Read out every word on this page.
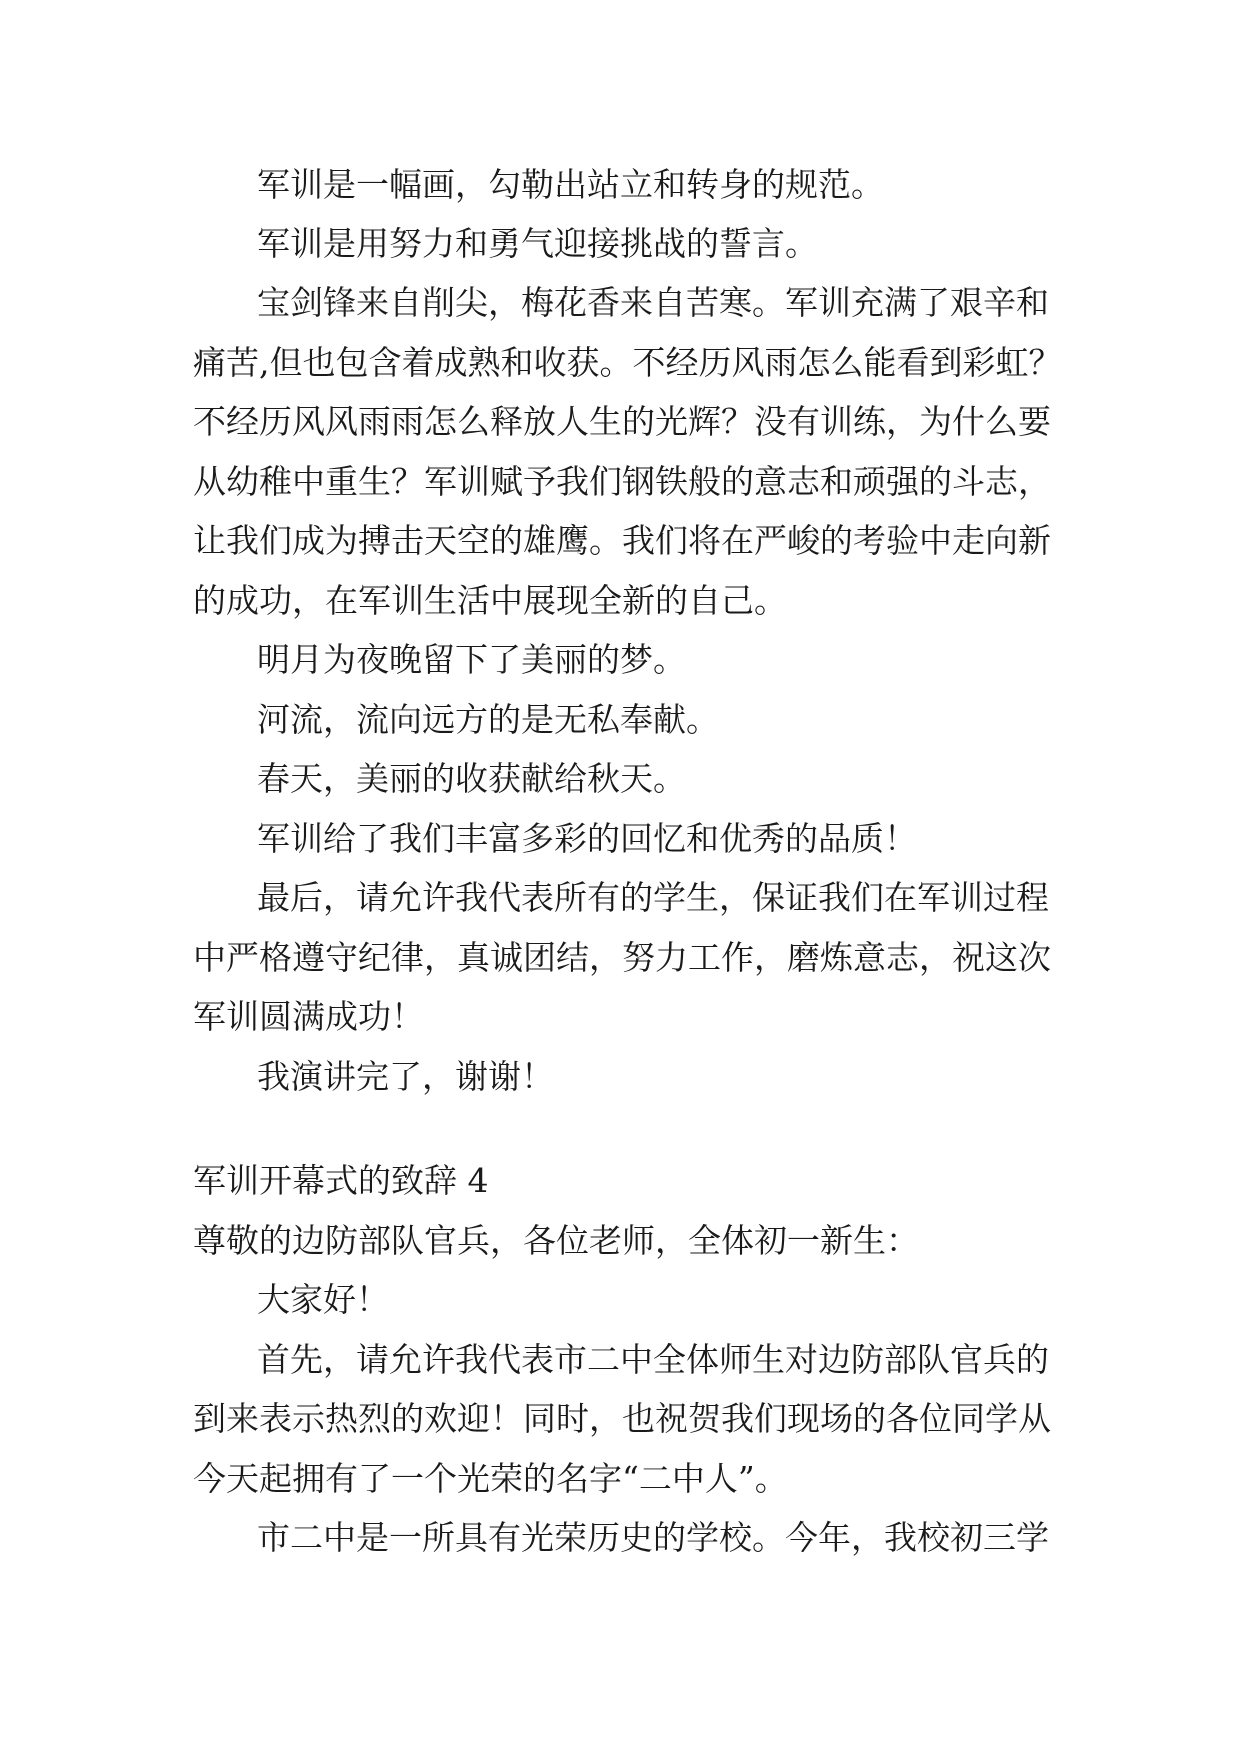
军训是一幅画，勾勒出站立和转身的规范。
军训是用努力和勇气迎接挑战的誓言。
宝剑锋来自削尖，梅花香来自苦寒。军训充满了艰辛和
痛苦,但也包含着成熟和收获。不经历风雨怎么能看到彩虹？
不经历风风雨雨怎么释放人生的光辉？没有训练，为什么要
从幼稚中重生？军训赋予我们钢铁般的意志和顽强的斗志，
让我们成为搏击天空的雄鹰。我们将在严峻的考验中走向新
的成功，在军训生活中展现全新的自己。
明月为夜晚留下了美丽的梦。
河流，流向远方的是无私奉献。
春天，美丽的收获献给秋天。
军训给了我们丰富多彩的回忆和优秀的品质！
最后，请允许我代表所有的学生，保证我们在军训过程
中严格遵守纪律，真诚团结，努力工作，磨炼意志，祝这次
军训圆满成功！
我演讲完了，谢谢！
军训开幕式的致辞 4
尊敬的边防部队官兵，各位老师，全体初一新生：
大家好！
首先，请允许我代表市二中全体师生对边防部队官兵的
到来表示热烈的欢迎！同时，也祝贺我们现场的各位同学从
今天起拥有了一个光荣的名字“二中人”。
市二中是一所具有光荣历史的学校。今年，我校初三学
